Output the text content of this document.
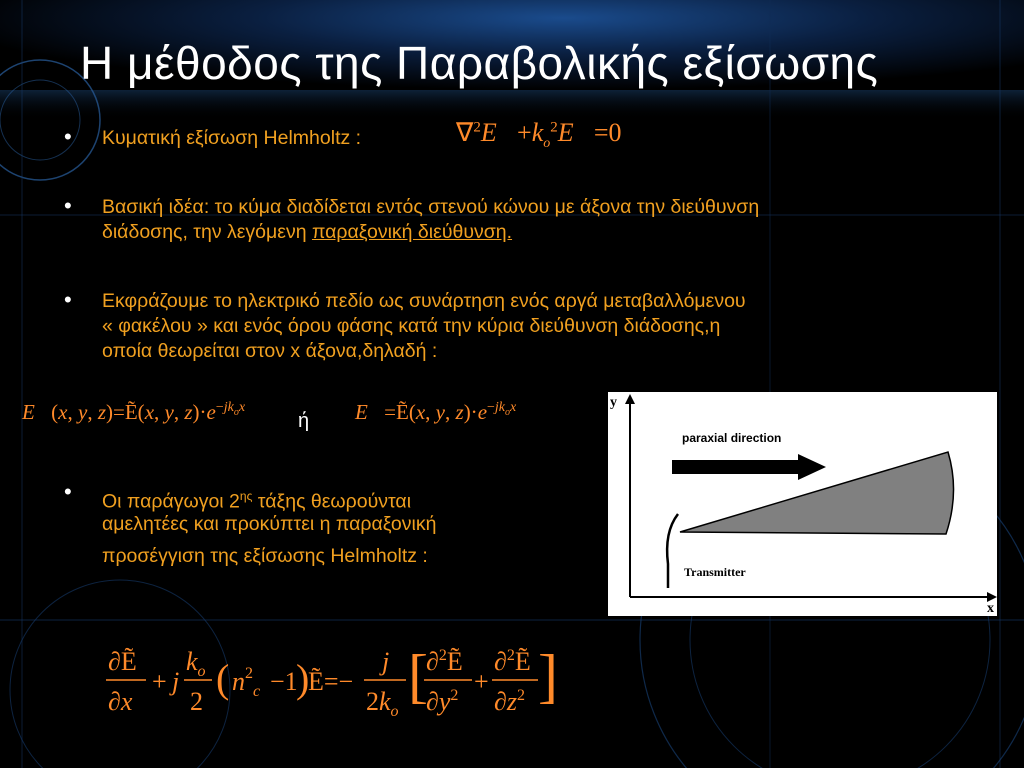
Η μέθοδος της Παραβολικής εξίσωσης
• Κυματική εξίσωση Helmholtz :	$\nabla^2E⃗+k_o^2E⃗=0$
• Βασική ιδέα: το κύμα διαδίδεται εντός στενού κώνου με άξονα την διεύθυνση
διάδοσης, την λεγόμενη παραξονική διεύθυνση.
• Εκφράζουμε το ηλεκτρικό πεδίο ως συνάρτηση ενός αργά μεταβαλλόμενου
« φακέλου » και ενός όρου φάσης κατά την κύρια διεύθυνση διάδοσης,η
οποία θεωρείται στον x άξονα,δηλαδή :
E⃗(x, y, z)=Ẽ(x, y, $z)\cdot e^{-jk_ox}$
ή E⃗=Ẽ(x, y, $z)\cdot e^{-jk_ox}$	y
x
paraxial direction
Transmitter
• Οι παράγωγοι $2^{\eta\varsigma}$ τάξης θεωρούνται
αμελητέες και προκύπτει η παραξονική
προσέγγιση της εξίσωσης Helmholtz :
∂Ẽ
∂x
+ j
$k_o$
2
( $n^2_c -1$
)
Ẽ=−
j
$2k_o$
[
∂$^2$Ẽ
$\partial y^2$ +
∂$^2$Ẽ
$\partial z^2$ ]
